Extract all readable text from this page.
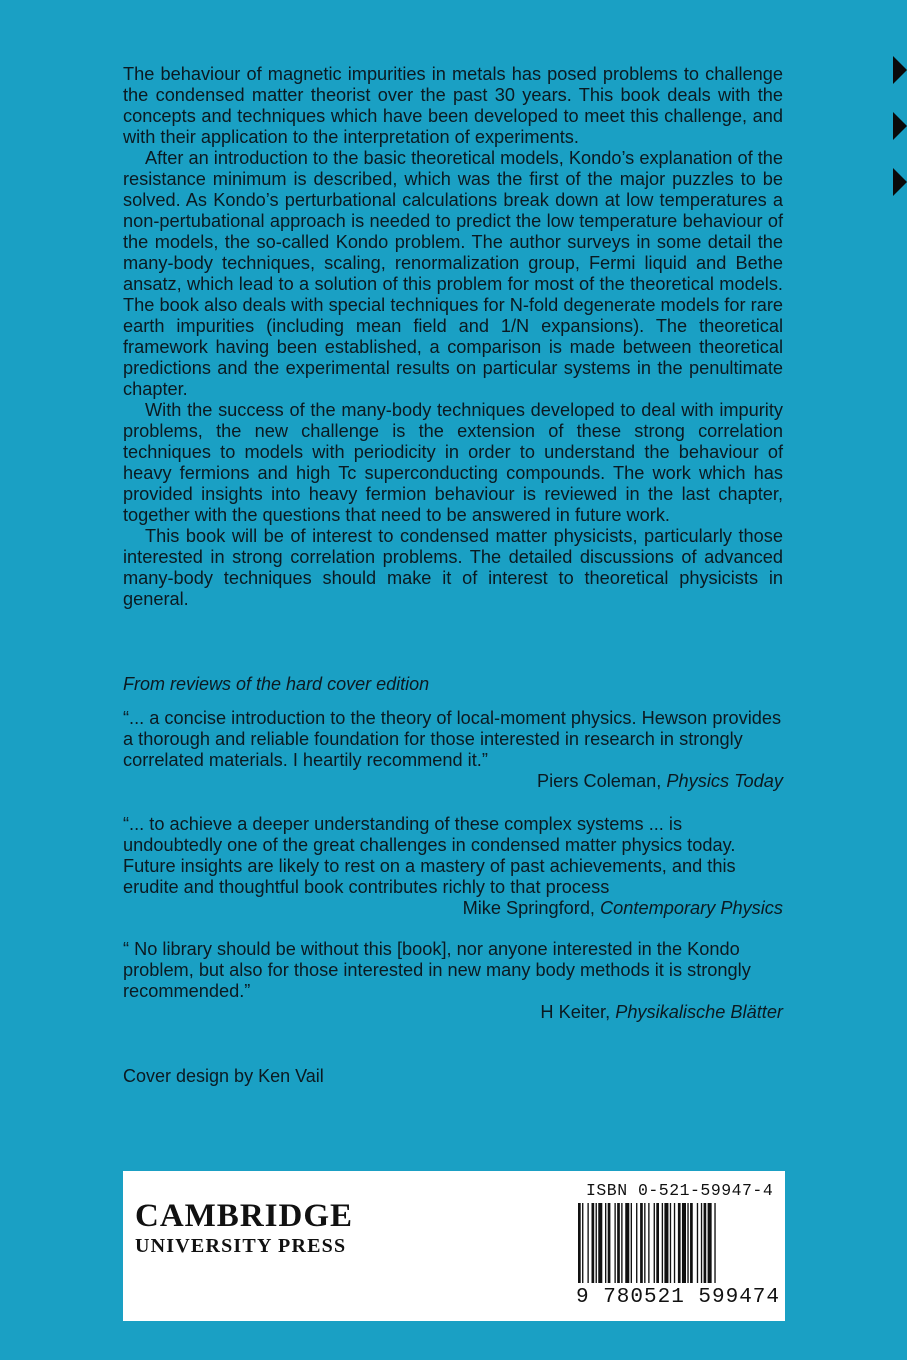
The behaviour of magnetic impurities in metals has posed problems to challenge the condensed matter theorist over the past 30 years. This book deals with the concepts and techniques which have been developed to meet this challenge, and with their application to the interpretation of experiments.

After an introduction to the basic theoretical models, Kondo’s explanation of the resistance minimum is described, which was the first of the major puzzles to be solved. As Kondo’s perturbational calculations break down at low temperatures a non-pertubational approach is needed to predict the low temperature behaviour of the models, the so-called Kondo problem. The author surveys in some detail the many-body techniques, scaling, renormalization group, Fermi liquid and Bethe ansatz, which lead to a solution of this problem for most of the theoretical models. The book also deals with special techniques for N-fold degenerate models for rare earth impurities (including mean field and 1/N expansions). The theoretical framework having been established, a comparison is made between theoretical predictions and the experimental results on particular systems in the penultimate chapter.

With the success of the many-body techniques developed to deal with impurity problems, the new challenge is the extension of these strong correlation techniques to models with periodicity in order to understand the behaviour of heavy fermions and high Tc superconducting compounds. The work which has provided insights into heavy fermion behaviour is reviewed in the last chapter, together with the questions that need to be answered in future work.

This book will be of interest to condensed matter physicists, particularly those interested in strong correlation problems. The detailed discussions of advanced many-body techniques should make it of interest to theoretical physicists in general.

From reviews of the hard cover edition

“... a concise introduction to the theory of local-moment physics. Hewson provides a thorough and reliable foundation for those interested in research in strongly correlated materials. I heartily recommend it.”

Piers Coleman, Physics Today

“... to achieve a deeper understanding of these complex systems ... is undoubtedly one of the great challenges in condensed matter physics today. Future insights are likely to rest on a mastery of past achievements, and this erudite and thoughtful book contributes richly to that process

Mike Springford, Contemporary Physics

“ No library should be without this [book], nor anyone interested in the Kondo problem, but also for those interested in new many body methods it is strongly recommended.”

H Keiter, Physikalische Blätter

Cover design by Ken Vail
CAMBRIDGE
UNIVERSITY PRESS
ISBN 0-521-59947-4
9 780521 599474
